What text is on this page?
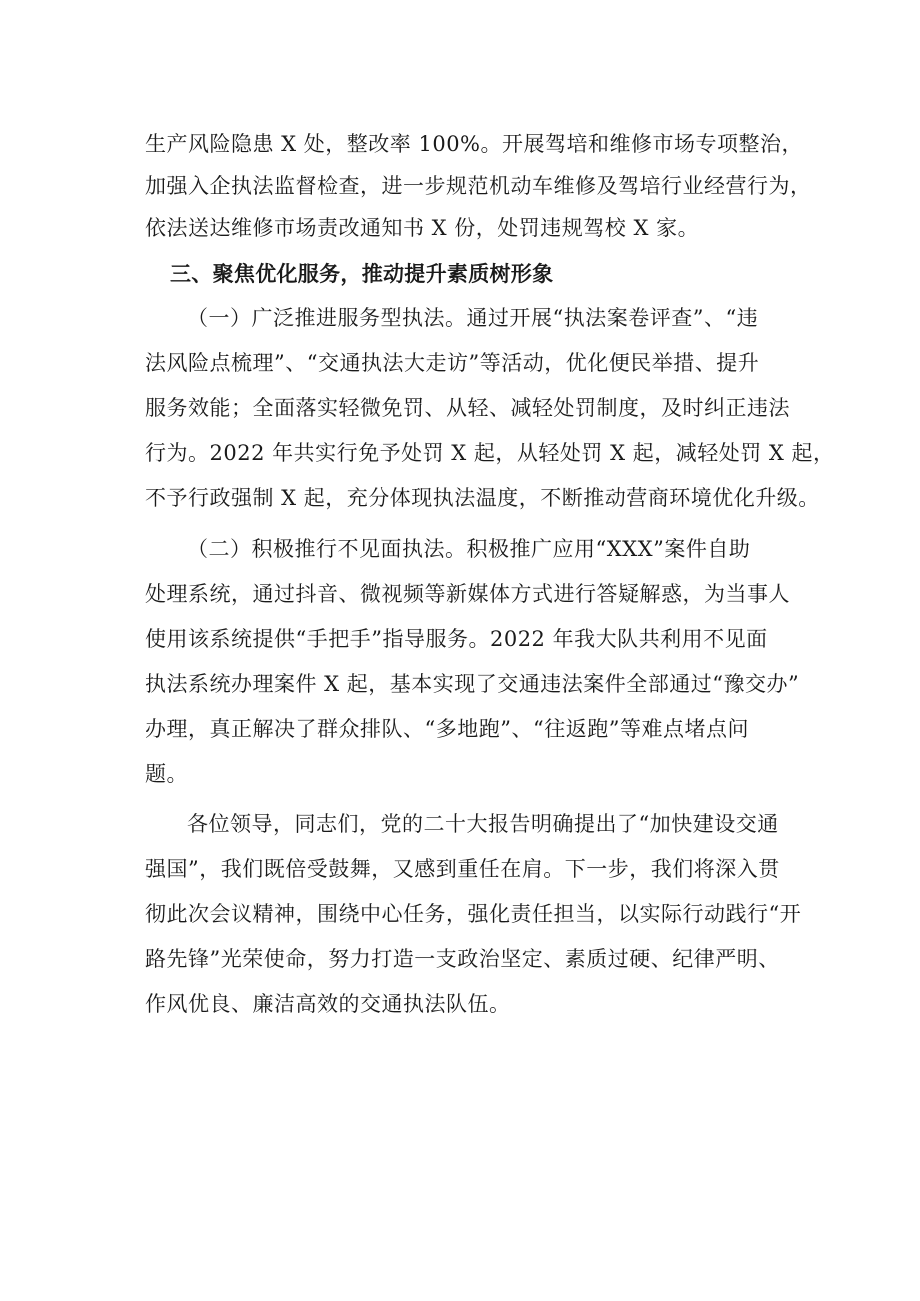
生产风险隐患 X 处，整改率 100%。开展驾培和维修市场专项整治，
加强入企执法监督检查，进一步规范机动车维修及驾培行业经营行为，
依法送达维修市场责改通知书 X 份，处罚违规驾校 X 家。
三、聚焦优化服务，推动提升素质树形象
（一）广泛推进服务型执法。通过开展“执法案卷评查”、“违
法风险点梳理”、“交通执法大走访”等活动，优化便民举措、提升
服务效能；全面落实轻微免罚、从轻、减轻处罚制度，及时纠正违法
行为。2022 年共实行免予处罚 X 起，从轻处罚 X 起，减轻处罚 X 起，
不予行政强制 X 起，充分体现执法温度，不断推动营商环境优化升级。
（二）积极推行不见面执法。积极推广应用“XXX”案件自助
处理系统，通过抖音、微视频等新媒体方式进行答疑解惑，为当事人
使用该系统提供“手把手”指导服务。2022 年我大队共利用不见面
执法系统办理案件 X 起，基本实现了交通违法案件全部通过“豫交办”
办理，真正解决了群众排队、“多地跑”、“往返跑”等难点堵点问
题。
各位领导，同志们，党的二十大报告明确提出了“加快建设交通
强国”，我们既倍受鼓舞，又感到重任在肩。下一步，我们将深入贯
彻此次会议精神，围绕中心任务，强化责任担当，以实际行动践行“开
路先锋”光荣使命，努力打造一支政治坚定、素质过硬、纪律严明、
作风优良、廉洁高效的交通执法队伍。
